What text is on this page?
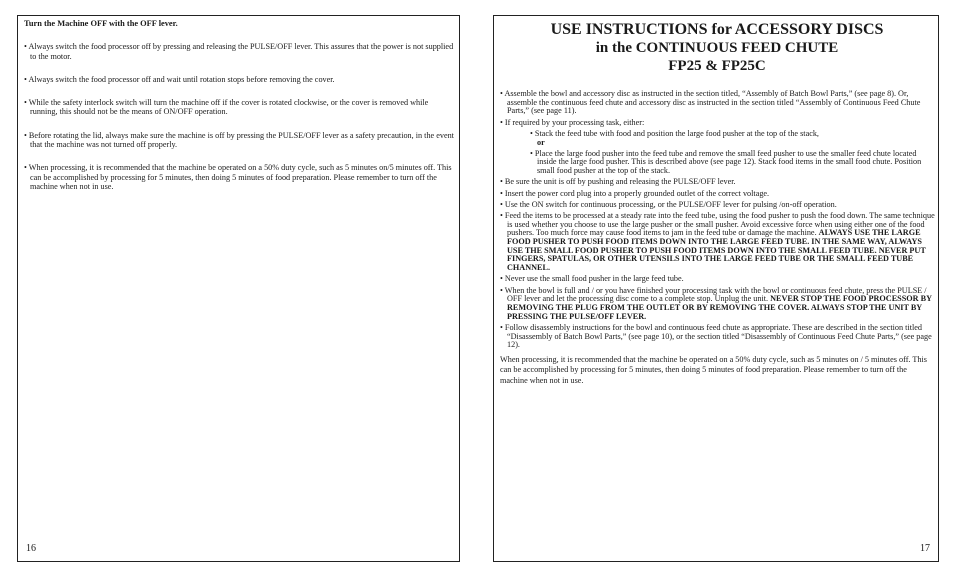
Turn the Machine OFF with the OFF lever.
• Always switch the food processor off by pressing and releasing the PULSE/OFF lever. This assures that the power is not supplied to the motor.
• Always switch the food processor off and wait until rotation stops before removing the cover.
• While the safety interlock switch will turn the machine off if the cover is rotated clockwise, or the cover is removed while running, this should not be the means of ON/OFF operation.
• Before rotating the lid, always make sure the machine is off by pressing the PULSE/OFF lever as a safety precaution, in the event that the machine was not turned off properly.
• When processing, it is recommended that the machine be operated on a 50% duty cycle, such as 5 minutes on/5 minutes off. This can be accomplished by processing for 5 minutes, then doing 5 minutes of food preparation. Please remember to turn off the machine when not in use.
16
USE INSTRUCTIONS for ACCESSORY DISCS
in the CONTINUOUS FEED CHUTE
FP25 & FP25C
• Assemble the bowl and accessory disc as instructed in the section titled, “Assembly of Batch Bowl Parts,” (see page 8). Or, assemble the continuous feed chute and accessory disc as instructed in the section titled “Assembly of Continuous Feed Chute Parts,” (see page 11).
• If required by your processing task, either:
• Stack the feed tube with food and position the large food pusher at the top of the stack,
or
• Place the large food pusher into the feed tube and remove the small feed pusher to use the smaller feed chute located inside the large food pusher. This is described above (see page 12). Stack food items in the small food chute. Position small food pusher at the top of the stack.
• Be sure the unit is off by pushing and releasing the PULSE/OFF lever.
• Insert the power cord plug into a properly grounded outlet of the correct voltage.
• Use the ON switch for continuous processing, or the PULSE/OFF lever for pulsing /on-off operation.
• Feed the items to be processed at a steady rate into the feed tube, using the food pusher to push the food down. The same technique is used whether you choose to use the large pusher or the small pusher. Avoid excessive force when using either one of the food pushers. Too much force may cause food items to jam in the feed tube or damage the machine. ALWAYS USE THE LARGE FOOD PUSHER TO PUSH FOOD ITEMS DOWN INTO THE LARGE FEED TUBE. IN THE SAME WAY, ALWAYS USE THE SMALL FOOD PUSHER TO PUSH FOOD ITEMS DOWN INTO THE SMALL FEED TUBE. NEVER PUT FINGERS, SPATULAS, OR OTHER UTENSILS INTO THE LARGE FEED TUBE OR THE SMALL FEED TUBE CHANNEL.
• Never use the small food pusher in the large feed tube.
• When the bowl is full and / or you have finished your processing task with the bowl or continuous feed chute, press the PULSE / OFF lever and let the processing disc come to a complete stop. Unplug the unit. NEVER STOP THE FOOD PROCESSOR BY REMOVING THE PLUG FROM THE OUTLET OR BY REMOVING THE COVER. ALWAYS STOP THE UNIT BY PRESSING THE PULSE/OFF LEVER.
• Follow disassembly instructions for the bowl and continuous feed chute as appropriate. These are described in the section titled “Disassembly of Batch Bowl Parts,” (see page 10), or the section titled “Disassembly of Continuous Feed Chute Parts,” (see page 12).
When processing, it is recommended that the machine be operated on a 50% duty cycle, such as 5 minutes on / 5 minutes off. This can be accomplished by processing for 5 minutes, then doing 5 minutes of food preparation. Please remember to turn off the machine when not in use.
17
